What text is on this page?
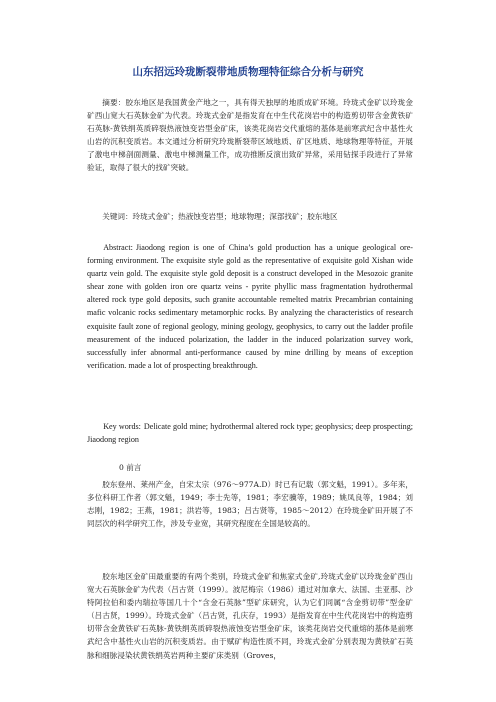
山东招远玲珑断裂带地质物理特征综合分析与研究
摘要：胶东地区是我国黄金产地之一，具有得天独厚的地质成矿环境。玲珑式金矿以玲珑金矿西山宽大石英脉金矿为代表。玲珑式金矿是指发育在中生代花岗岩中的构造剪切带含金黄铁矿石英脉-黄铁绢英质碎裂热液蚀变岩型金矿床，该类花岗岩交代重熔的基体是前寒武纪含中基性火山岩的沉积变质岩。本文通过分析研究玲珑断裂带区域地质、矿区地质、地球物理等特征，开展了激电中梯剖面测量、激电中梯测量工作，成功推断反演出致矿异常，采用钻探手段进行了异常验证，取得了很大的找矿突破。
关键词：玲珑式金矿；热液蚀变岩型；地球物理；深部找矿；胶东地区
Abstract: Jiaodong region is one of China’s gold production has a unique geological ore-forming environment. The exquisite style gold as the representative of exquisite gold Xishan wide quartz vein gold. The exquisite style gold deposit is a construct developed in the Mesozoic granite shear zone with golden iron ore quartz veins - pyrite phyllic mass fragmentation hydrothermal altered rock type gold deposits, such granite accountable remelted matrix Precambrian containing mafic volcanic rocks sedimentary metamorphic rocks. By analyzing the characteristics of research exquisite fault zone of regional geology, mining geology, geophysics, to carry out the ladder profile measurement of the induced polarization, the ladder in the induced polarization survey work, successfully infer abnormal anti-performance caused by mine drilling by means of exception verification. made a lot of prospecting breakthrough.
Key words: Delicate gold mine; hydrothermal altered rock type; geophysics; deep prospecting; Jiaodong region
0 前言
胶东登州、莱州产金，自宋太宗（976～977A.D）时已有记载（郭文魁，1991）。多年来，多位科研工作者（郭文魁，1949；李士先等，1981；李宏骥等，1989；姚凤良等，1984；刘志刚，1982；王燕，1981；洪岩等，1983；吕古贤等，1985～2012）在玲珑金矿田开展了不同层次的科学研究工作，涉及专业宽，其研究程度在全国是较高的。
胶东地区金矿田最重要的有两个类别，玲珑式金矿和焦家式金矿,玲珑式金矿以玲珑金矿西山宽大石英脉金矿为代表（吕古贤（1999）。波尼梅宗（1986）通过对加拿大、法国、圭亚那、沙特阿拉伯和委内瑞拉等国几十个“含金石英脉”型矿床研究，认为它们同属“含金剪切带”型金矿（吕古贤，1999）。玲珑式金矿（吕古贤，孔庆存，1993）是指发育在中生代花岗岩中的构造剪切带含金黄铁矿石英脉-黄铁绢英质碎裂热液蚀变岩型金矿床，该类花岗岩交代重熔的基体是前寒武纪含中基性火山岩的沉积变质岩。由于赋矿构造性质不同，玲珑式金矿分别表现为黄铁矿石英脉和细脉浸染状黄铁绢英岩两种主要矿床类别（Groves，
